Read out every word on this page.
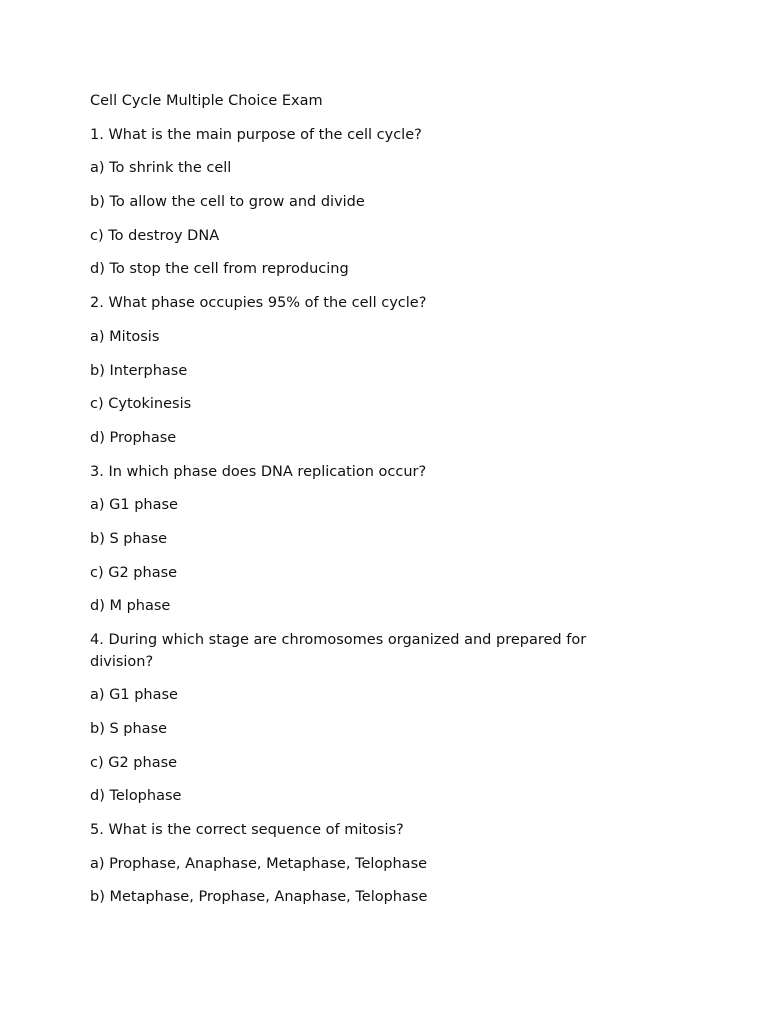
Cell Cycle Multiple Choice Exam

1. What is the main purpose of the cell cycle?

a) To shrink the cell

b) To allow the cell to grow and divide

c) To destroy DNA

d) To stop the cell from reproducing

2. What phase occupies 95% of the cell cycle?

a) Mitosis

b) Interphase

c) Cytokinesis

d) Prophase

3. In which phase does DNA replication occur?

a) G1 phase

b) S phase

c) G2 phase

d) M phase

4. During which stage are chromosomes organized and prepared for division?

a) G1 phase

b) S phase

c) G2 phase

d) Telophase

5. What is the correct sequence of mitosis?

a) Prophase, Anaphase, Metaphase, Telophase

b) Metaphase, Prophase, Anaphase, Telophase
